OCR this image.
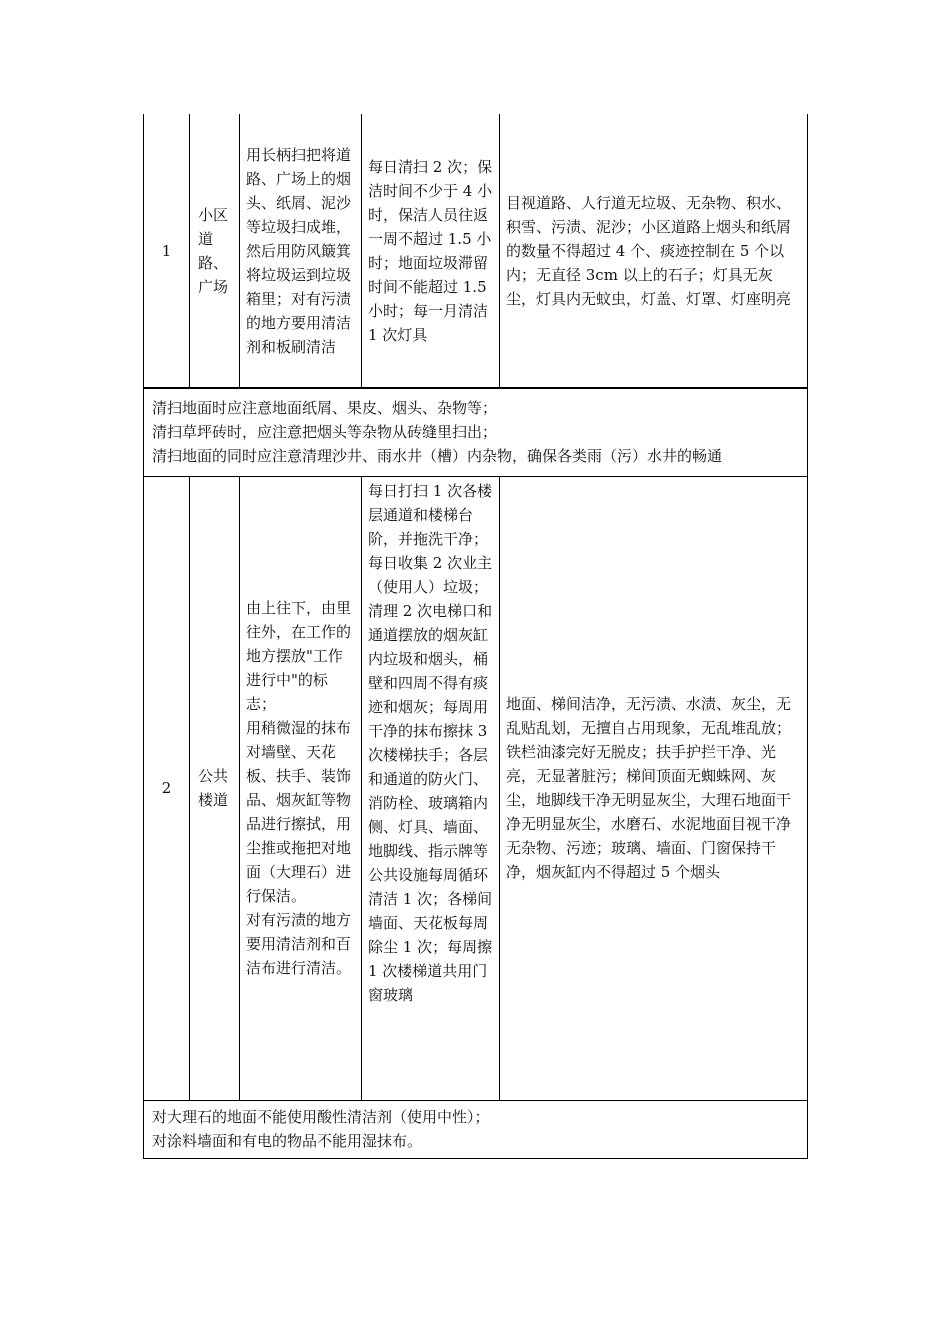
1	小区道路、广场	用长柄扫把将道路、广场上的烟头、纸屑、泥沙等垃圾扫成堆，然后用防风簸箕将垃圾运到垃圾箱里；对有污渍的地方要用清洁剂和板刷清洁	每日清扫 2 次；保洁时间不少于 4 小时，保洁人员往返一周不超过 1.5 小时；地面垃圾滞留时间不能超过 1.5 小时；每一月清洁 1 次灯具	目视道路、人行道无垃圾、无杂物、积水、积雪、污渍、泥沙；小区道路上烟头和纸屑的数量不得超过 4 个、痰迹控制在 5 个以内；无直径 3cm 以上的石子；灯具无灰尘，灯具内无蚊虫，灯盖、灯罩、灯座明亮

清扫地面时应注意地面纸屑、果皮、烟头、杂物等；
清扫草坪砖时，应注意把烟头等杂物从砖缝里扫出；
清扫地面的同时应注意清理沙井、雨水井（槽）内杂物，确保各类雨（污）水井的畅通				

2	公共楼道	由上往下，由里往外，在工作的地方摆放"工作进行中"的标志；
用稍微湿的抹布对墙壁、天花板、扶手、装饰品、烟灰缸等物品进行擦拭，用尘推或拖把对地面（大理石）进行保洁。
对有污渍的地方要用清洁剂和百洁布进行清洁。	每日打扫 1 次各楼层通道和楼梯台阶，并拖洗干净；每日收集 2 次业主（使用人）垃圾；清理 2 次电梯口和通道摆放的烟灰缸内垃圾和烟头，桶壁和四周不得有痰迹和烟灰；每周用干净的抹布擦抹 3 次楼梯扶手；各层和通道的防火门、消防栓、玻璃箱内侧、灯具、墙面、地脚线、指示牌等公共设施每周循环清洁 1 次；各梯间墙面、天花板每周除尘 1 次；每周擦 1 次楼梯道共用门窗玻璃	地面、梯间洁净，无污渍、水渍、灰尘，无乱贴乱划，无擅自占用现象，无乱堆乱放；铁栏油漆完好无脱皮；扶手护拦干净、光亮，无显著脏污；梯间顶面无蜘蛛网、灰尘，地脚线干净无明显灰尘，大理石地面干净无明显灰尘，水磨石、水泥地面目视干净无杂物、污迹；玻璃、墙面、门窗保持干净，烟灰缸内不得超过 5 个烟头

对大理石的地面不能使用酸性清洁剂（使用中性）；
对涂料墙面和有电的物品不能用湿抹布。				
